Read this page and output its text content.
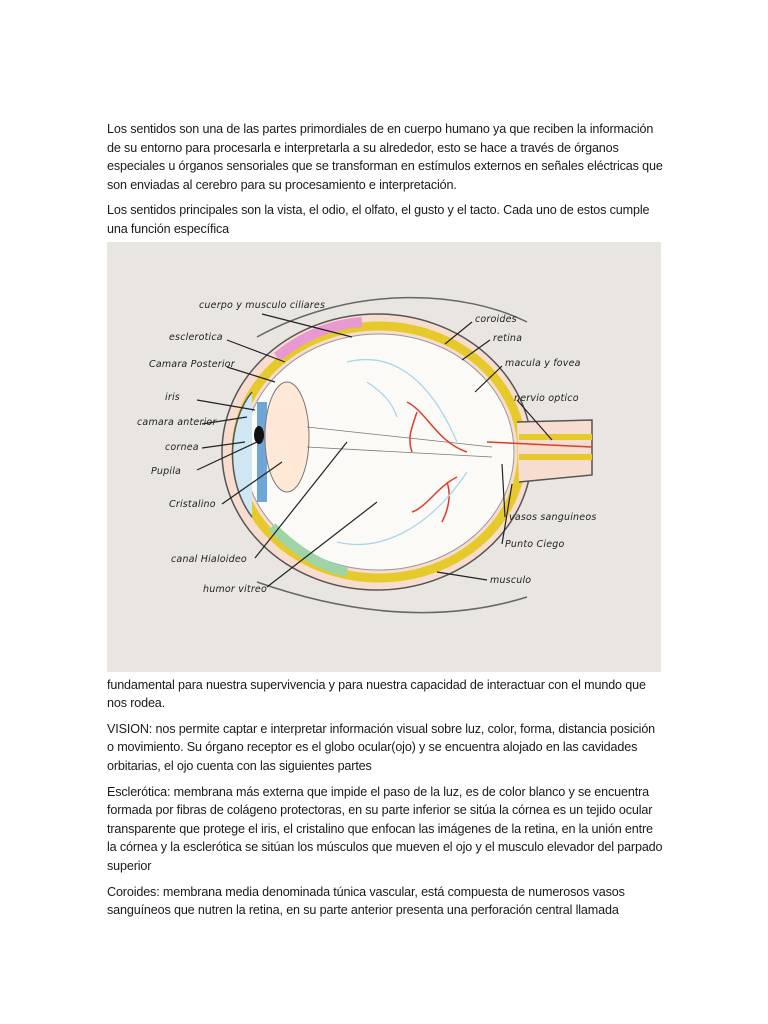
Los sentidos son una de las partes primordiales de en cuerpo humano ya que reciben la información de su entorno para procesarla e interpretarla a su alrededor, esto se hace a través de órganos especiales u órganos sensoriales que se transforman en estímulos externos en señales eléctricas que son enviadas al cerebro para su procesamiento e interpretación.

Los sentidos principales son la vista, el odio, el olfato, el gusto y el tacto. Cada uno de estos cumple una función específica

cuerpo y musculo ciliares
esclerotica
Camara Posterior
iris
camara anterior
cornea
Pupila
Cristalino
canal Hialoideo
humor vitreo
coroides
retina
macula y fovea
nervio optico
vasos sanguineos
Punto Ciego
musculo

fundamental para nuestra supervivencia y para nuestra capacidad de interactuar con el mundo que nos rodea.

VISION: nos permite captar e interpretar información visual sobre luz, color, forma, distancia posición o movimiento. Su órgano receptor es el globo ocular(ojo) y se encuentra alojado en las cavidades orbitarias, el ojo cuenta con las siguientes partes

Esclerótica: membrana más externa que impide el paso de la luz, es de color blanco y se encuentra formada por fibras de colágeno protectoras, en su parte inferior se sitúa la córnea es un tejido ocular transparente que protege el iris, el cristalino que enfocan las imágenes de la retina, en la unión entre la córnea y la esclerótica se sitúan los músculos que mueven el ojo y el musculo elevador del parpado superior

Coroides: membrana media denominada túnica vascular, está compuesta de numerosos vasos sanguíneos que nutren la retina, en su parte anterior presenta una perforación central llamada
